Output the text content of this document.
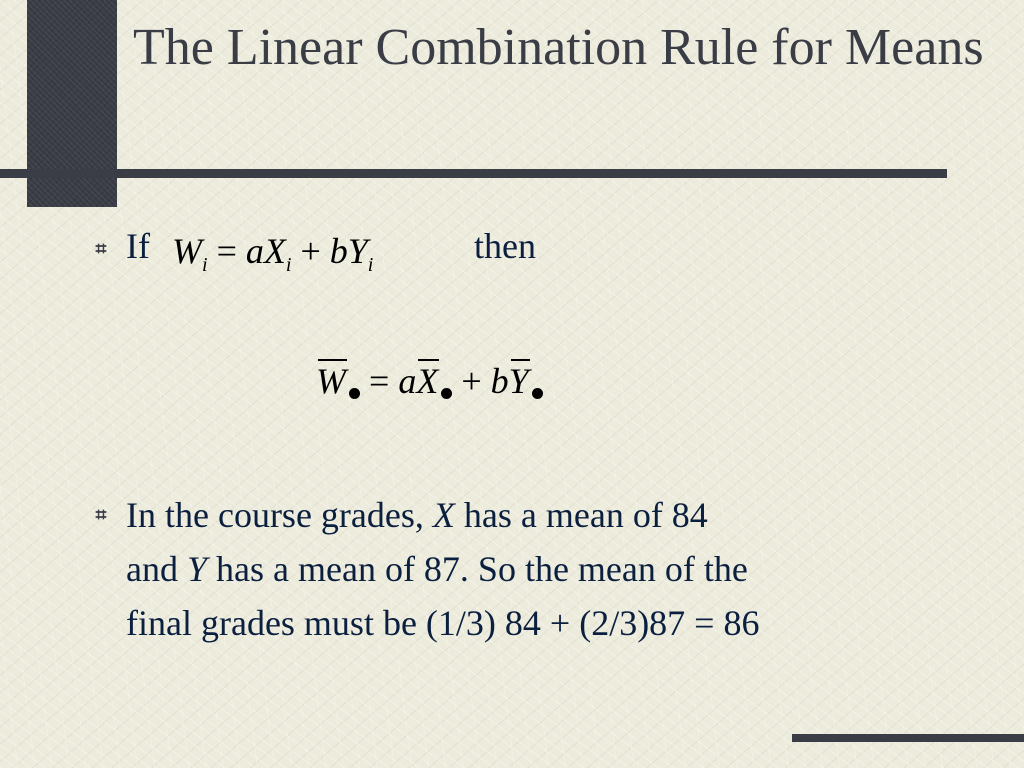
The Linear Combination Rule for Means
⌗ If $W_i = aX_i + bY_i$	then
W = aX + bY
⌗ In the course grades, X has a mean of 84
and Y has a mean of 87. So the mean of the
final grades must be (1/3) 84 + (2/3)87 = 86
